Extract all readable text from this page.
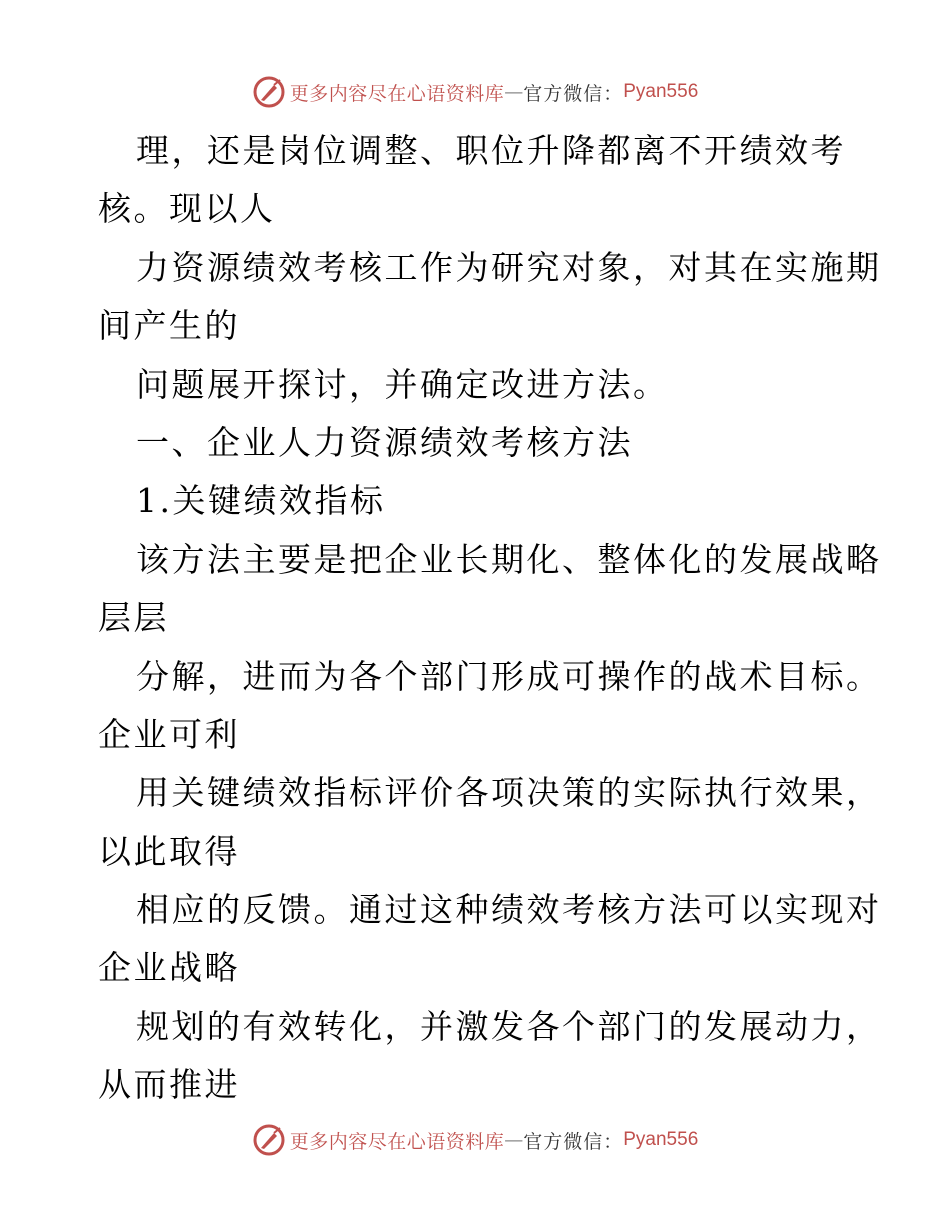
更多内容尽在心语资料库 — 官方微信： Pyan556
理，还是岗位调整、职位升降都离不开绩效考
核。现以人
力资源绩效考核工作为研究对象，对其在实施期
间产生的
问题展开探讨，并确定改进方法。
一、企业人力资源绩效考核方法
1.关键绩效指标
该方法主要是把企业长期化、整体化的发展战略
层层
分解，进而为各个部门形成可操作的战术目标。
企业可利
用关键绩效指标评价各项决策的实际执行效果，
以此取得
相应的反馈。通过这种绩效考核方法可以实现对
企业战略
规划的有效转化，并激发各个部门的发展动力，
从而推进
更多内容尽在心语资料库 — 官方微信： Pyan556
